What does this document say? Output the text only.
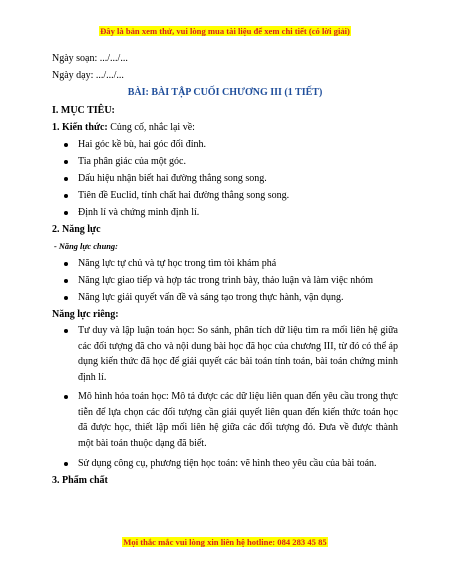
Đây là bản xem thử, vui lòng mua tài liệu để xem chi tiết (có lời giải)
Ngày soạn: .../.../...
Ngày dạy: .../.../...
BÀI: BÀI TẬP CUỐI CHƯƠNG III (1 TIẾT)
I. MỤC TIÊU:
1. Kiến thức: Củng cố, nhắc lại về:
Hai góc kề bù, hai góc đối đỉnh.
Tia phân giác của một góc.
Dấu hiệu nhận biết hai đường thẳng song song.
Tiên đề Euclid, tính chất hai đường thẳng song song.
Định lí và chứng minh định lí.
2. Năng lực
- Năng lực chung:
Năng lực tự chủ và tự học trong tìm tòi khám phá
Năng lực giao tiếp và hợp tác trong trình bày, thảo luận và làm việc nhóm
Năng lực giải quyết vấn đề và sáng tạo trong thực hành, vận dụng.
Năng lực riêng:
Tư duy và lập luận toán học: So sánh, phân tích dữ liệu tìm ra mối liên hệ giữa các đối tượng đã cho và nội dung bài học đã học của chương III, từ đó có thể áp dụng kiến thức đã học để giải quyết các bài toán tính toán, bài toán chứng minh định lí.
Mô hình hóa toán học: Mô tả được các dữ liệu liên quan đến yêu cầu trong thực tiễn để lựa chọn các đối tượng cần giải quyết liên quan đến kiến thức toán học đã được học, thiết lập mối liên hệ giữa các đối tượng đó. Đưa về được thành một bài toán thuộc dạng đã biết.
Sử dụng công cụ, phương tiện học toán: vẽ hình theo yêu cầu của bài toán.
3. Phẩm chất
Mọi thắc mắc vui lòng xin liên hệ hotline: 084 283 45 85
